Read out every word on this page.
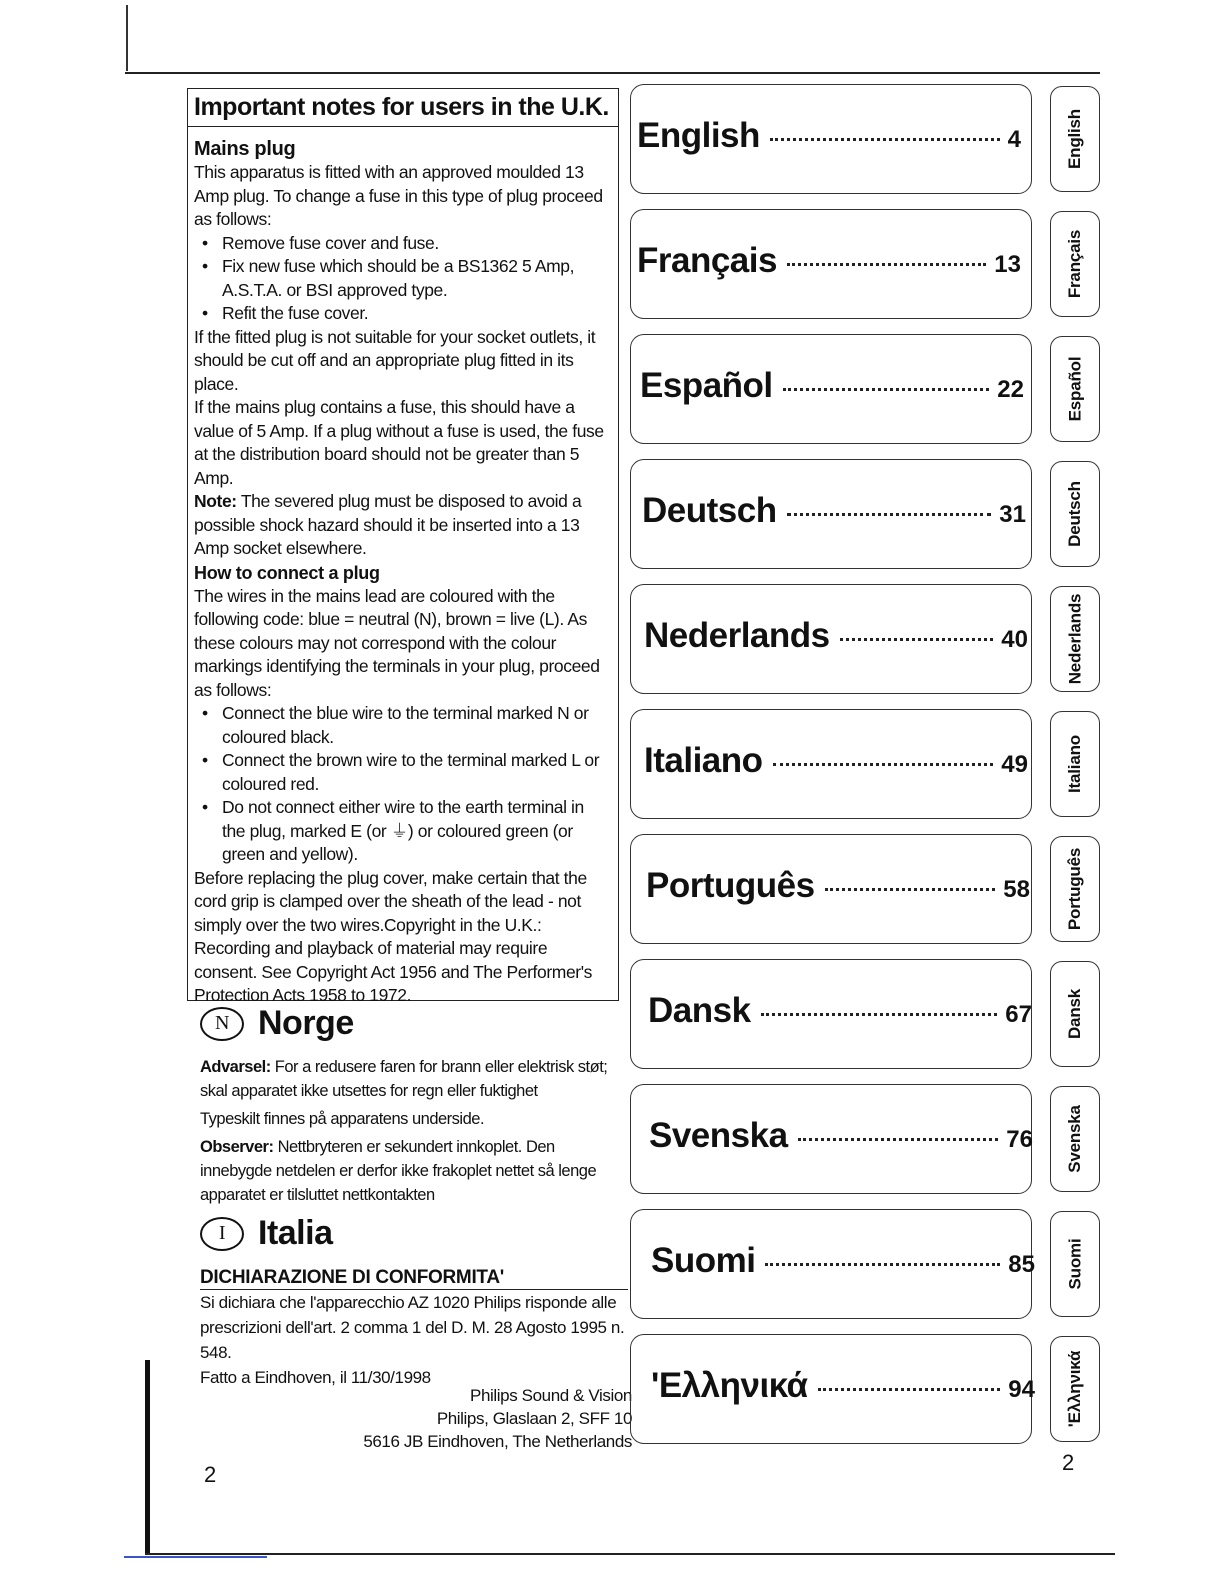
Important notes for users in the U.K.

Mains plug

This apparatus is fitted with an approved moulded 13 Amp plug. To change a fuse in this type of plug proceed as follows:

• Remove fuse cover and fuse.

• Fix new fuse which should be a BS1362 5 Amp, A.S.T.A. or BSI approved type.

• Refit the fuse cover.

If the fitted plug is not suitable for your socket outlets, it should be cut off and an appropriate plug fitted in its place.

If the mains plug contains a fuse, this should have a value of 5 Amp. If a plug without a fuse is used, the fuse at the distribution board should not be greater than 5 Amp.

Note: The severed plug must be disposed to avoid a possible shock hazard should it be inserted into a 13 Amp socket elsewhere.

How to connect a plug

The wires in the mains lead are coloured with the following code: blue = neutral (N), brown = live (L). As these colours may not correspond with the colour markings identifying the terminals in your plug, proceed as follows:

• Connect the blue wire to the terminal marked N or coloured black.

• Connect the brown wire to the terminal marked L or coloured red.

• Do not connect either wire to the earth terminal in the plug, marked E (or ⏚) or coloured green (or green and yellow).

Before replacing the plug cover, make certain that the cord grip is clamped over the sheath of the lead - not simply over the two wires.Copyright in the U.K.: Recording and playback of material may require consent. See Copyright Act 1956 and The Performer's Protection Acts 1958 to 1972.

N Norge

Advarsel: For a redusere faren for brann eller elektrisk støt; skal apparatet ikke utsettes for regn eller fuktighet

Typeskilt finnes på apparatens underside.

Observer: Nettbryteren er sekundert innkoplet. Den innebygde netdelen er derfor ikke frakoplet nettet så lenge apparatet er tilsluttet nettkontakten

I Italia
DICHIARAZIONE DI CONFORMITA'

Si dichiara che l'apparecchio AZ 1020 Philips risponde alle prescrizioni dell'art. 2 comma 1 del D. M. 28 Agosto 1995 n. 548.

Fatto a Eindhoven, il 11/30/1998

Philips Sound & Vision

Philips, Glaslaan 2, SFF 10

5616 JB Eindhoven, The Netherlands

2	2
English	4
Français	13
Español	22
Deutsch	31
Nederlands	40
Italiano	49
Português	58
Dansk	67
Svenska	76
Suomi	85
'Ελληνικά	94
English
Français
Español
Deutsch
Nederlands
Italiano
Português
Dansk
Svenska
Suomi
'Ελληνικά
